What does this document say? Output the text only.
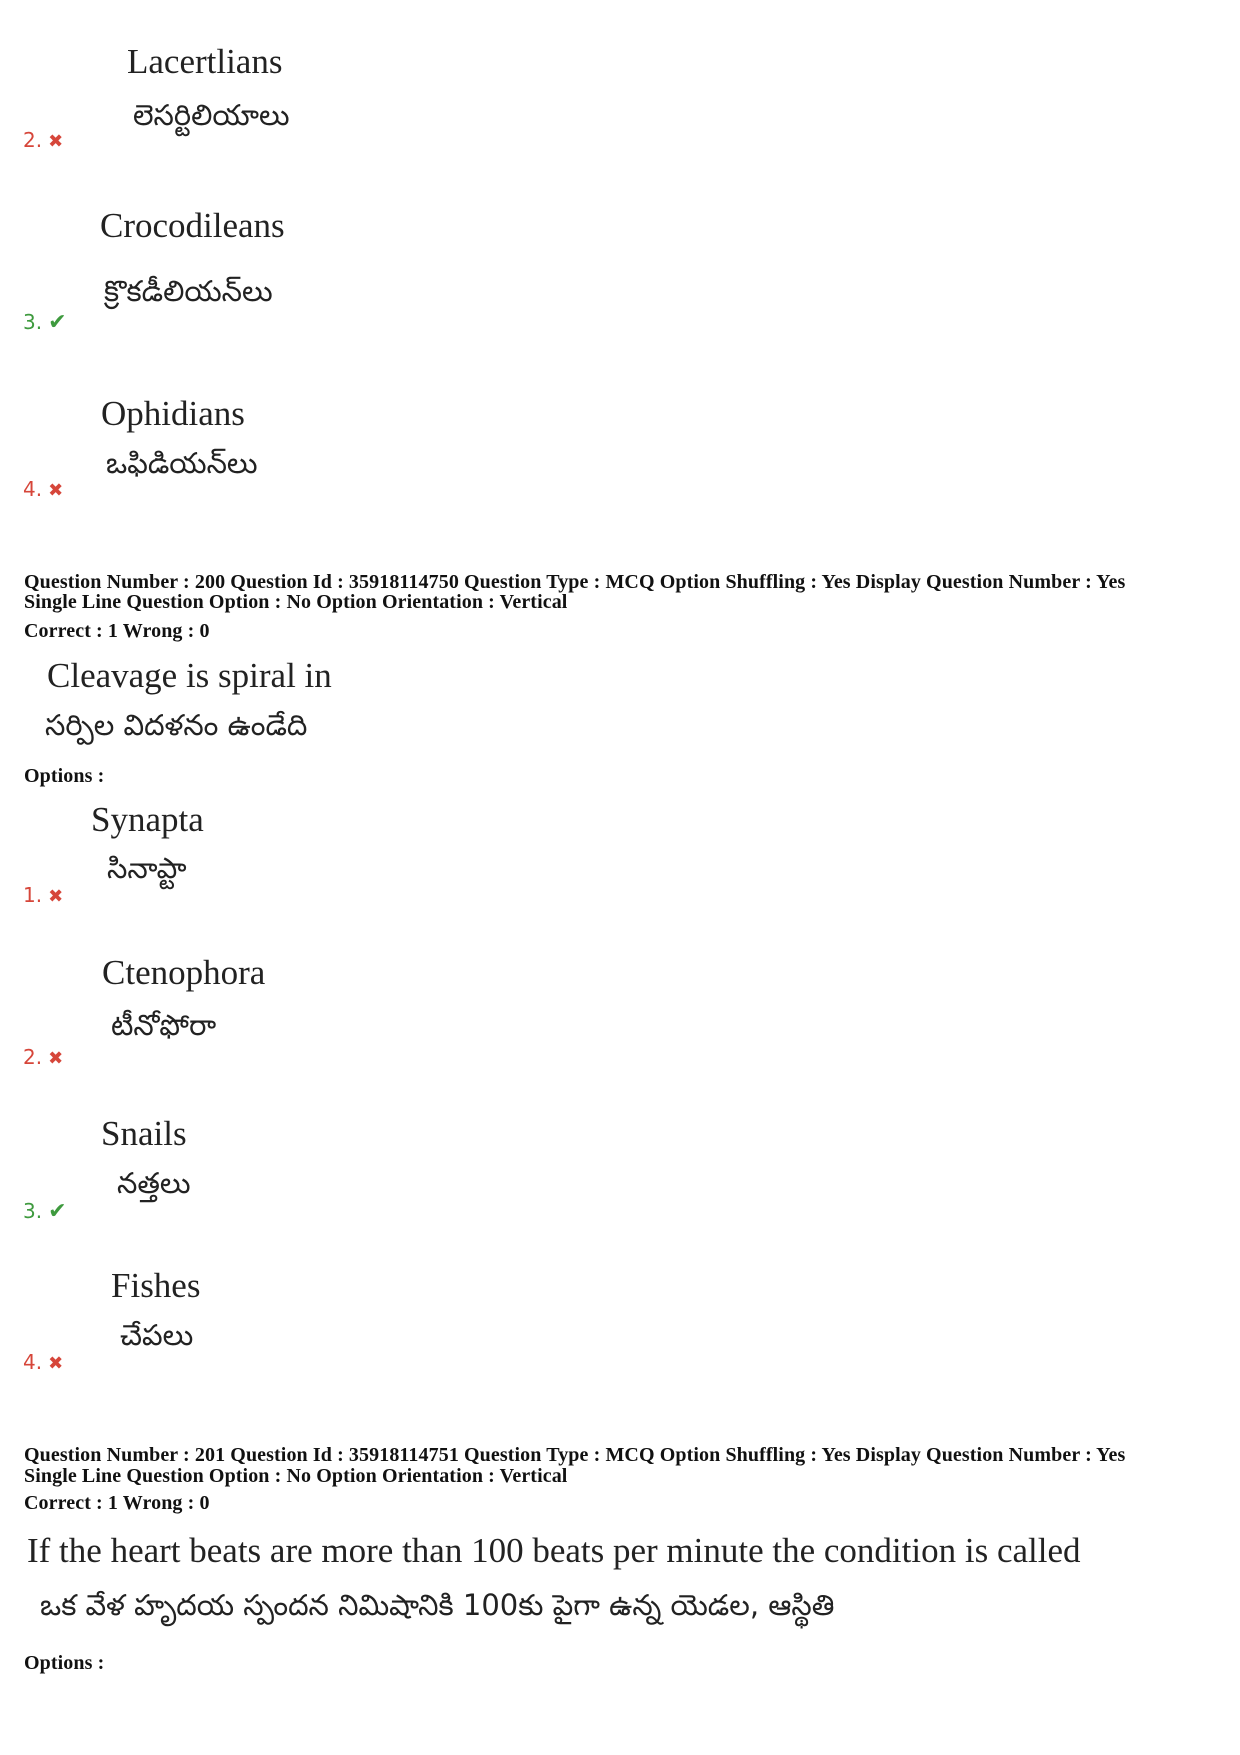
Lacertlians
లెసర్టిలియాలు
2. ✖
Crocodileans
క్రొకడీలియన్‌లు
3. ✔
Ophidians
ఒఫిడియన్‌లు
4. ✖
Question Number : 200 Question Id : 35918114750 Question Type : MCQ Option Shuffling : Yes Display Question Number : Yes
Single Line Question Option : No Option Orientation : Vertical
Correct : 1 Wrong : 0
Cleavage is spiral in
సర్పిల విదళనం ఉండేది
Options :
Synapta
సినాప్టా
1. ✖
Ctenophora
టీనోఫోరా
2. ✖
Snails
నత్తలు
3. ✔
Fishes
చేపలు
4. ✖
Question Number : 201 Question Id : 35918114751 Question Type : MCQ Option Shuffling : Yes Display Question Number : Yes
Single Line Question Option : No Option Orientation : Vertical
Correct : 1 Wrong : 0
If the heart beats are more than 100 beats per minute the condition is called
ఒక వేళ హృదయ స్పందన నిమిషానికి 100కు పైగా ఉన్న యెడల, ఆస్థితి
Options :
